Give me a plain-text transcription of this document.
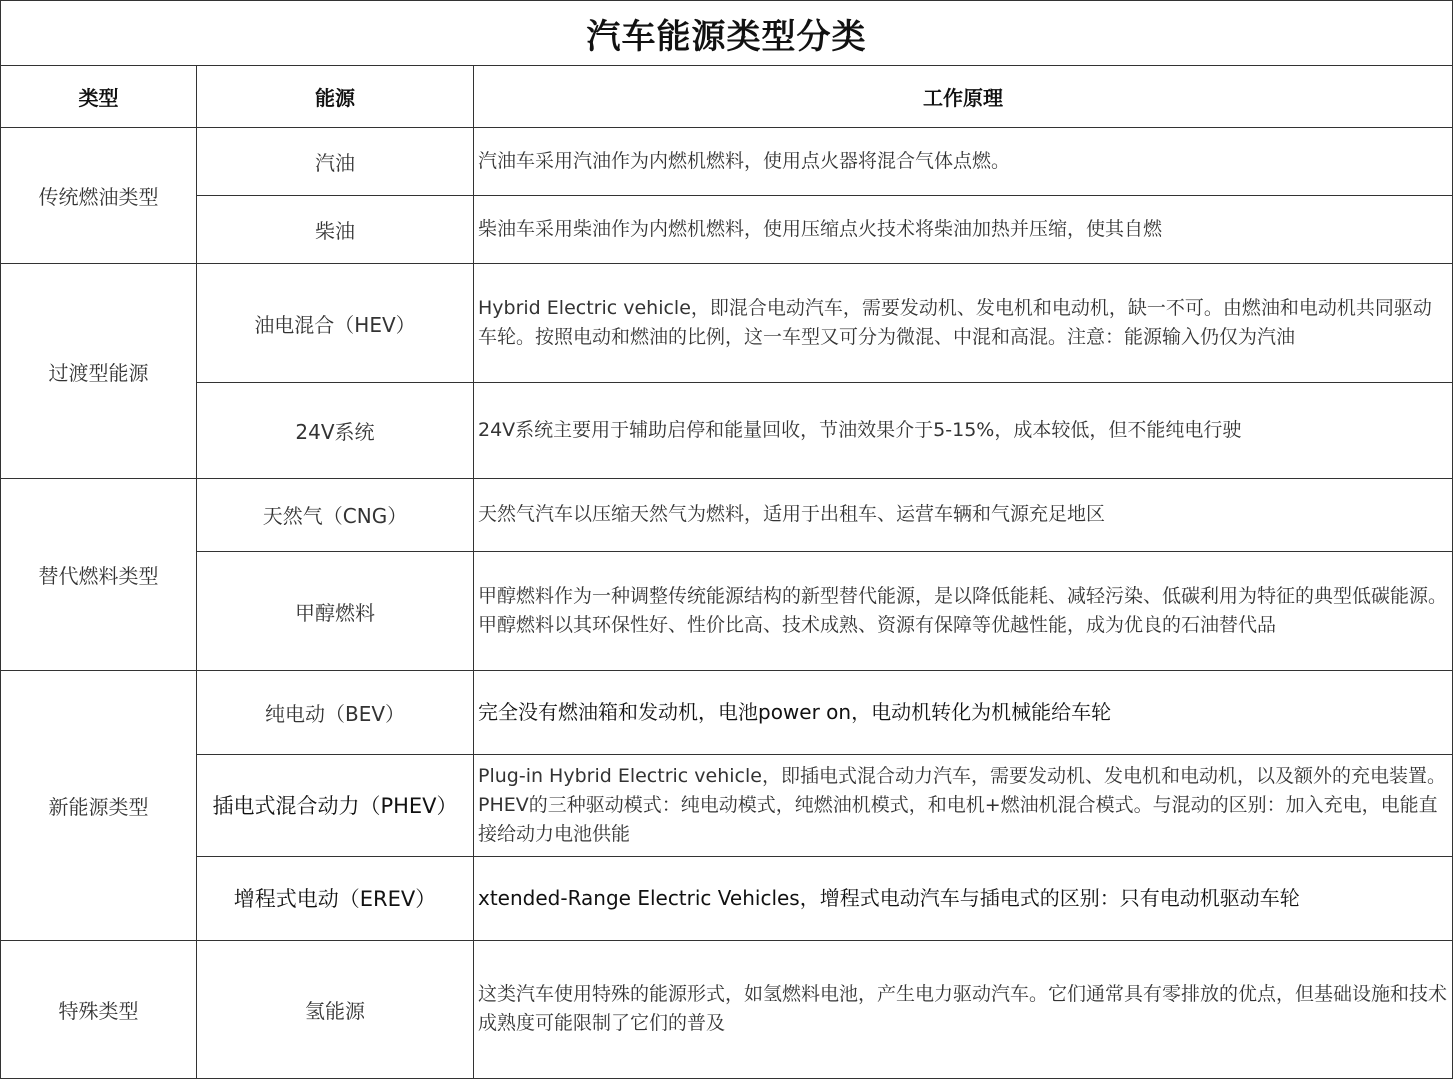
汽车能源类型分类		
类型	能源	工作原理
传统燃油类型	汽油	汽油车采用汽油作为内燃机燃料，使用点火器将混合气体点燃。
	柴油	柴油车采用柴油作为内燃机燃料，使用压缩点火技术将柴油加热并压缩，使其自燃
过渡型能源	油电混合（HEV）	Hybrid Electric vehicle，即混合电动汽车，需要发动机、发电机和电动机，缺一不可。由燃油和电动机共同驱动车轮。按照电动和燃油的比例，这一车型又可分为微混、中混和高混。注意：能源输入仍仅为汽油
	24V系统	24V系统主要用于辅助启停和能量回收，节油效果介于5-15%，成本较低，但不能纯电行驶
替代燃料类型	天然气（CNG）	天然气汽车以压缩天然气为燃料，适用于出租车、运营车辆和气源充足地区
	甲醇燃料	甲醇燃料作为一种调整传统能源结构的新型替代能源，是以降低能耗、减轻污染、低碳利用为特征的典型低碳能源。甲醇燃料以其环保性好、性价比高、技术成熟、资源有保障等优越性能，成为优良的石油替代品
新能源类型	纯电动（BEV）	完全没有燃油箱和发动机，电池power on，电动机转化为机械能给车轮
	插电式混合动力（PHEV）	Plug-in Hybrid Electric vehicle，即插电式混合动力汽车，需要发动机、发电机和电动机，以及额外的充电装置。PHEV的三种驱动模式：纯电动模式，纯燃油机模式，和电机+燃油机混合模式。与混动的区别：加入充电，电能直接给动力电池供能
	增程式电动（EREV）	xtended-Range Electric Vehicles，增程式电动汽车与插电式的区别：只有电动机驱动车轮
特殊类型	氢能源	这类汽车使用特殊的能源形式，如氢燃料电池，产生电力驱动汽车。它们通常具有零排放的优点，但基础设施和技术成熟度可能限制了它们的普及
